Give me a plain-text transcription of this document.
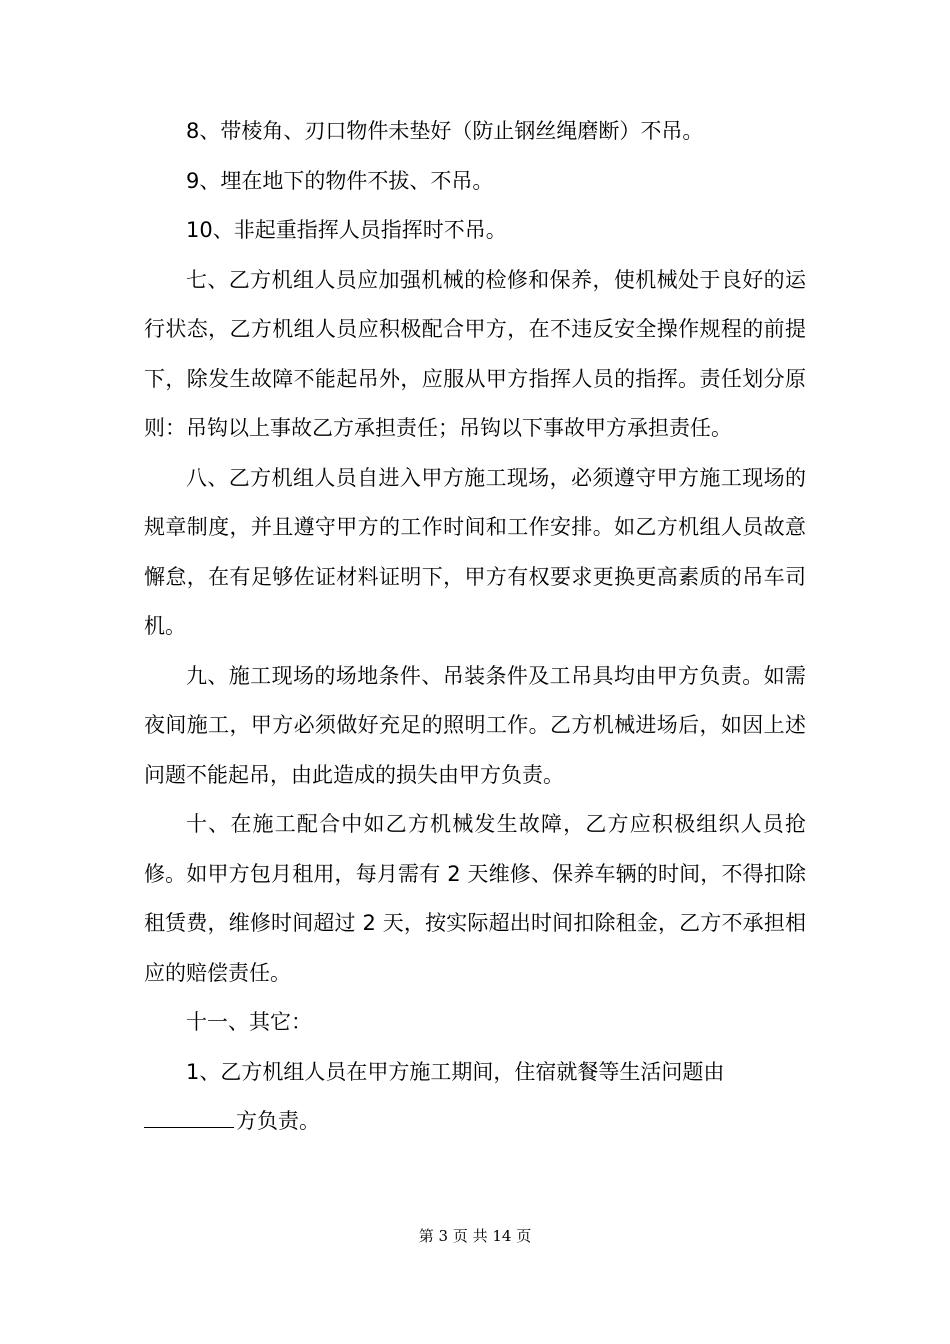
8、带棱角、刃口物件未垫好（防止钢丝绳磨断）不吊。

9、埋在地下的物件不拔、不吊。

10、非起重指挥人员指挥时不吊。

七、乙方机组人员应加强机械的检修和保养，使机械处于良好的运行状态，乙方机组人员应积极配合甲方，在不违反安全操作规程的前提下，除发生故障不能起吊外，应服从甲方指挥人员的指挥。责任划分原则：吊钩以上事故乙方承担责任；吊钩以下事故甲方承担责任。

八、乙方机组人员自进入甲方施工现场，必须遵守甲方施工现场的规章制度，并且遵守甲方的工作时间和工作安排。如乙方机组人员故意懈怠，在有足够佐证材料证明下，甲方有权要求更换更高素质的吊车司机。

九、施工现场的场地条件、吊装条件及工吊具均由甲方负责。如需夜间施工，甲方必须做好充足的照明工作。乙方机械进场后，如因上述问题不能起吊，由此造成的损失由甲方负责。

十、在施工配合中如乙方机械发生故障，乙方应积极组织人员抢修。如甲方包月租用，每月需有 2 天维修、保养车辆的时间，不得扣除租赁费，维修时间超过 2 天，按实际超出时间扣除租金，乙方不承担相应的赔偿责任。

十一、其它：

1、乙方机组人员在甲方施工期间，住宿就餐等生活问题由

方负责。

第 3 页 共 14 页
